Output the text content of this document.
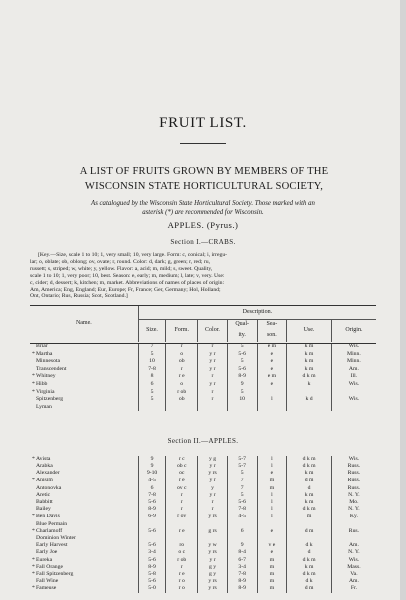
FRUIT LIST.
A LIST OF FRUITS GROWN BY MEMBERS OF THE
WISCONSIN STATE HORTICULTURAL SOCIETY,
As catalogued by the Wisconsin State Horticultural Society. Those marked with an
asterisk (*) are recommended for Wisconsin.
APPLES. (Pyrus.)
Section I.—CRABS.
[Key.—Size, scale 1 to 10; 1, very small; 10, very large. Form: c, conical; i, irregu-
lar; o, oblate; ob, oblong; ov, ovate; r, round. Color: d, dark; g, green; r, red; ru,
russett; s, striped; w, white; y, yellow. Flavor: a, acid; m, mild; s, sweet. Quality,
scale 1 to 10; 1, very poor; 10, best. Season: e, early; m, medium; l, late; v, very. Use:
c, cider; d, dessert; k, kitchen; m, market. Abbreviations of names of places of origin:
Am, America; Eng, England; Eur, Europe; Fr, France; Ger, Germany; Hol, Holland;
Ont, Ontario; Rus, Russia; Scot, Scotland.]
Name.	Description.						
	Size.	Form.	Color.	Qual-	Sea-	Use.	Origin.
				ity.	son.		

Briar	7	r	r	5	e m	k m	Wis.
*Martha	5	o	y r	5-6	e	k m	Minn.
Minnesota	10	ob	y r	5	e	k m	Minn.
Transcendent	7-8	r	y r	5-6	e	k m	Am.
*Whitney	8	r e	r	8-9	e m	d k m	Ill.
*Hibb	6	o	y r	9	e	k	Wis.
*Virginia	5	r ob	r	5			
Spitzenberg	5	ob	r	10	l	k d	Wis.
Lyman							
Section II.—APPLES.
*Avista	9	r c	y g	5-7	l	d k m	Wis.
Arabka	9	ob c	y r	5-7	l	d k m	Russ.
Alexander	9-10	oc	y rs	5	e	k m	Russ.
*Anisim	4-5	r e	y r	7	m	d m	Russ.
Antonovka	6	ov c	y	7	m	d	Russ.
Aretic	7-8	r	y r	5	l	k m	N. Y.
Babbitt	5-6	r	r	5-6	l	k m	Mo.
Bailey	8-9	r	r	7-8	l	d k m	N. Y.
*Ben Davis	6-9	r ov	y rs	4-5	l	m	Ky.
Blue Permain							
*Charlamoff	5-6	r e	g rs	6	e	d m	Rus.
Dominion Winter							
Early Harvest	5-6	ro	y w	9	v e	d k	Am.
Early Joe	3-4	o c	y rs	8-4	e	d	N. Y.
*Eureka	5-6	r ob	y r	6-7	m	d k m	Wis.
*Fall Orange	8-9	r	g y	3-4	m	k m	Mass.
*Fall Spitzenberg	5-8	r e	g y	7-8	m	d k m	Va.
Fall Wine	5-6	r o	y rs	8-9	m	d k	Am.
*Fameuse	5-0	r o	y rs	8-9	m	d m	Fr.
